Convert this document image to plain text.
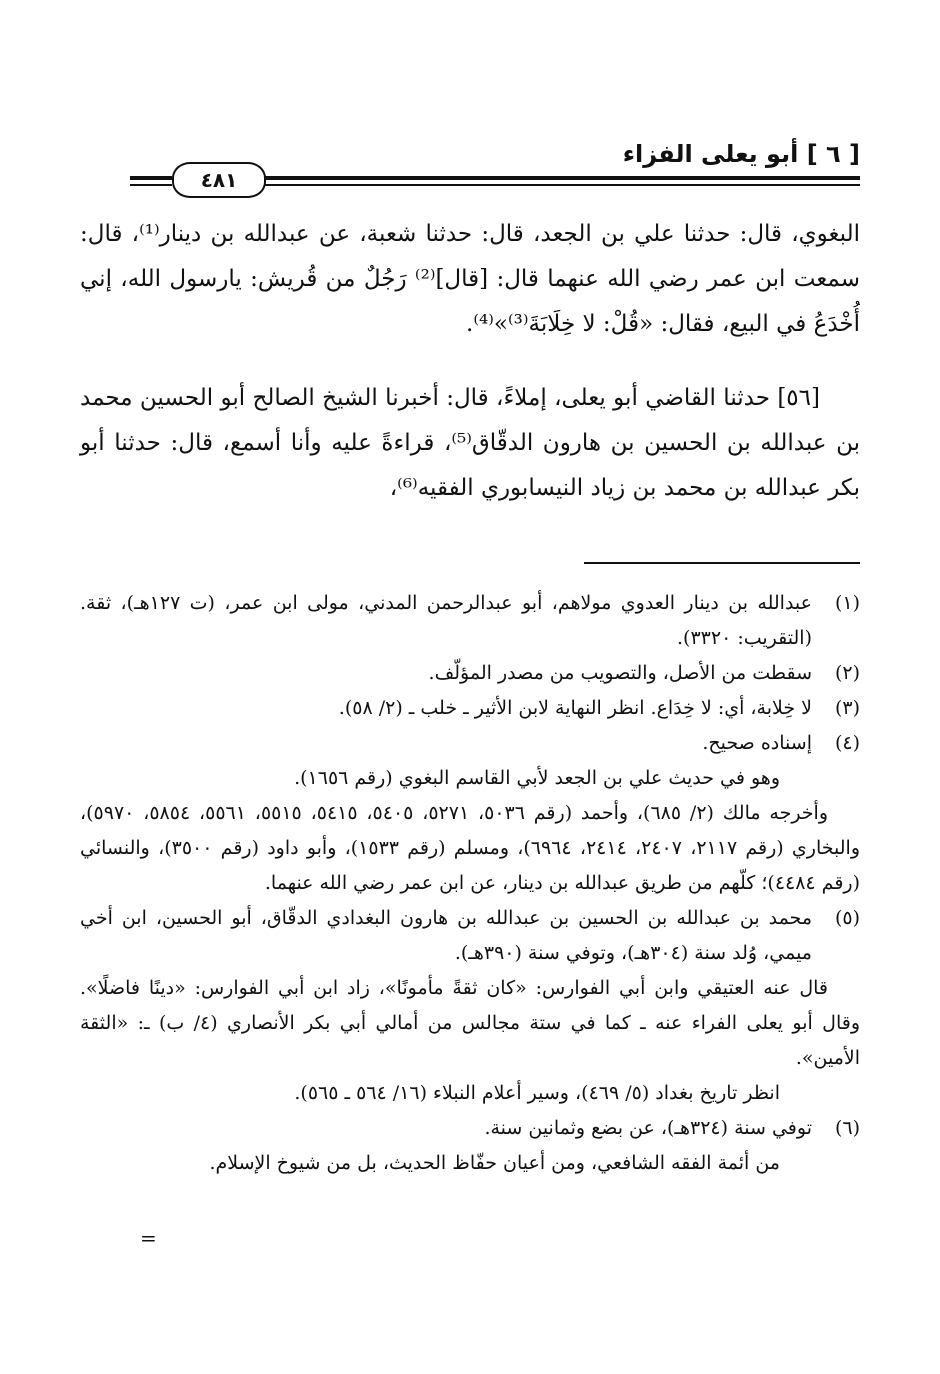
[ ٦ ] أبو يعلى الفزاء
٤٨١

البغوي، قال: حدثنا علي بن الجعد، قال: حدثنا شعبة، عن عبدالله بن دينار⁽¹⁾، قال: سمعت ابن عمر رضي الله عنهما قال: [قال]⁽²⁾ رَجُلٌ من قُريش: يارسول الله، إني أُخْدَعُ في البيع، فقال: «قُلْ: لا خِلَابَةَ⁽³⁾»⁽⁴⁾.

[٥٦] حدثنا القاضي أبو يعلى، إملاءً، قال: أخبرنا الشيخ الصالح أبو الحسين محمد بن عبدالله بن الحسين بن هارون الدقّاق⁽⁵⁾، قراءةً عليه وأنا أسمع، قال: حدثنا أبو بكر عبدالله بن محمد بن زياد النيسابوري الفقيه⁽⁶⁾،

(١)

عبدالله بن دينار العدوي مولاهم، أبو عبدالرحمن المدني، مولى ابن عمر، (ت ١٢٧هـ)، ثقة. (التقريب: ٣٣٢٠).

(٢)

سقطت من الأصل، والتصويب من مصدر المؤلّف.

(٣)

لا خِلابة، أي: لا خِدَاع. انظر النهاية لابن الأثير ـ خلب ـ (٢/ ٥٨).

(٤)

إسناده صحيح.

وهو في حديث علي بن الجعد لأبي القاسم البغوي (رقم ١٦٥٦).

وأخرجه مالك (٢/ ٦٨٥)، وأحمد (رقم ٥٠٣٦، ٥٢٧١، ٥٤٠٥، ٥٤١٥، ٥٥١٥، ٥٥٦١، ٥٨٥٤، ٥٩٧٠)، والبخاري (رقم ٢١١٧، ٢٤٠٧، ٢٤١٤، ٦٩٦٤)، ومسلم (رقم ١٥٣٣)، وأبو داود (رقم ٣٥٠٠)، والنسائي (رقم ٤٤٨٤)؛ كلّهم من طريق عبدالله بن دينار، عن ابن عمر رضي الله عنهما.

(٥)

محمد بن عبدالله بن الحسين بن عبدالله بن هارون البغدادي الدقّاق، أبو الحسين، ابن أخي ميمي، وُلد سنة (٣٠٤هـ)، وتوفي سنة (٣٩٠هـ).

قال عنه العتيقي وابن أبي الفوارس: «كان ثقةً مأمونًا»، زاد ابن أبي الفوارس: «دينًا فاضلًا». وقال أبو يعلى الفراء عنه ـ كما في ستة مجالس من أمالي أبي بكر الأنصاري (٤/ ب) ـ: «الثقة الأمين».

انظر تاريخ بغداد (٥/ ٤٦٩)، وسير أعلام النبلاء (١٦/ ٥٦٤ ـ ٥٦٥).

(٦)

توفي سنة (٣٢٤هـ)، عن بضع وثمانين سنة.

من أئمة الفقه الشافعي، ومن أعيان حفّاظ الحديث، بل من شيوخ الإسلام.

=
